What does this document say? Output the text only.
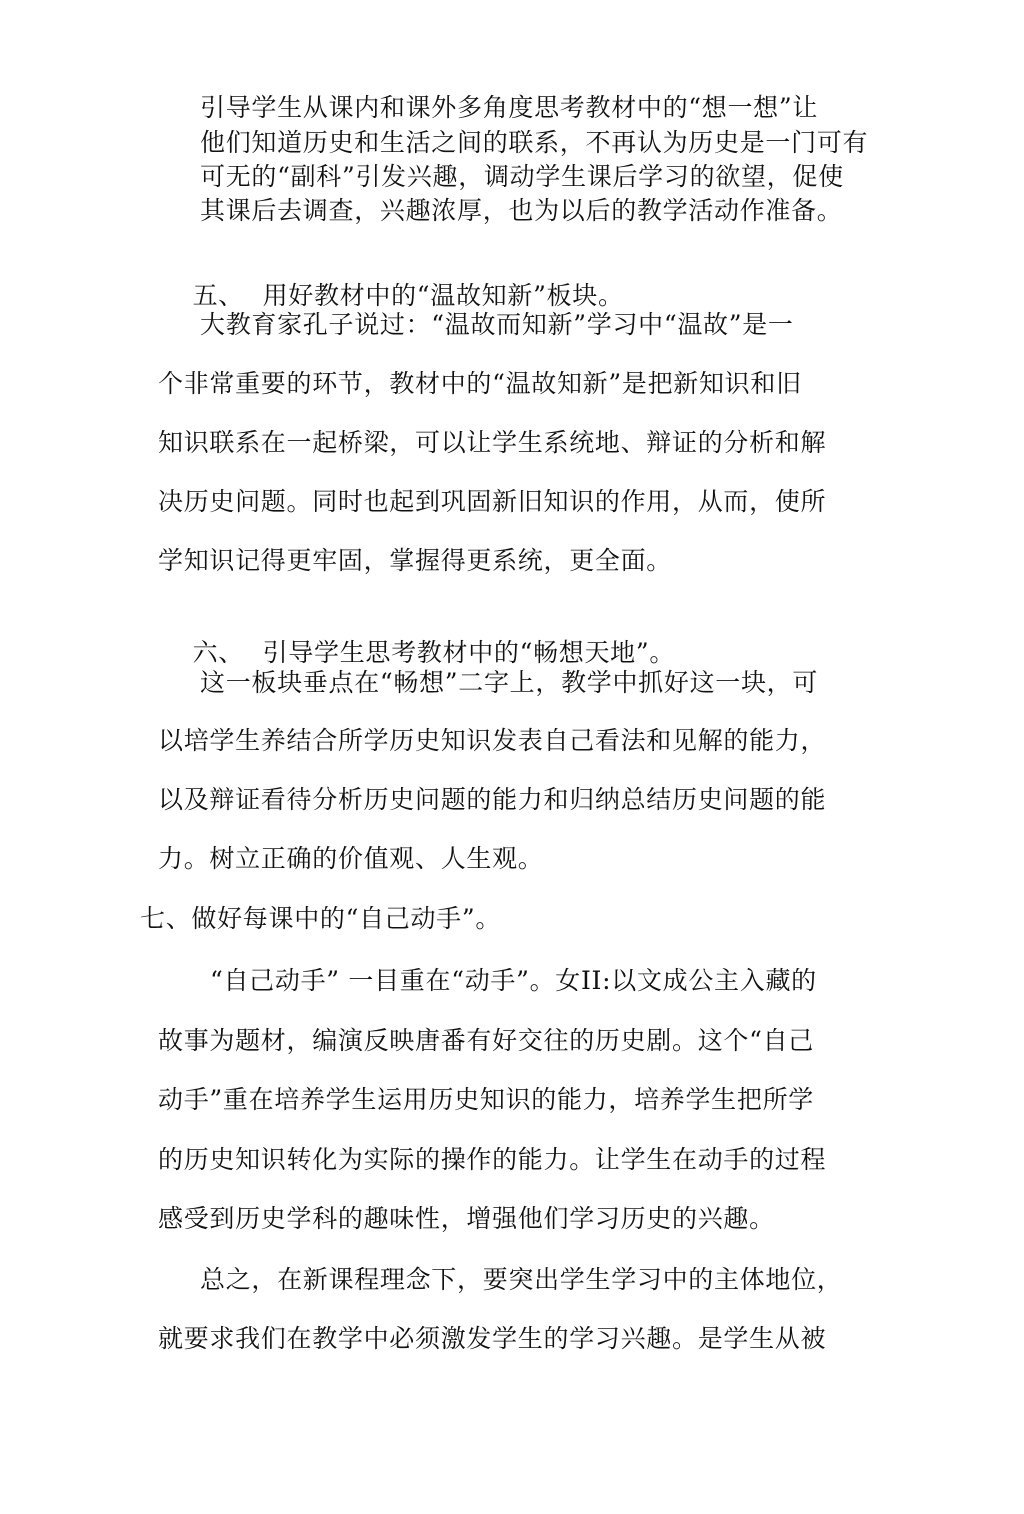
引导学生从课内和课外多角度思考教材中的“想一想”让

他们知道历史和生活之间的联系，不再认为历史是一门可有

可无的“副科”引发兴趣，调动学生课后学习的欲望，促使

其课后去调查，兴趣浓厚，也为以后的教学活动作准备。

五、 用好教材中的“温故知新”板块。

大教育家孔子说过：“温故而知新”学习中“温故”是一

个非常重要的环节，教材中的“温故知新”是把新知识和旧

知识联系在一起桥梁，可以让学生系统地、辩证的分析和解

决历史问题。同时也起到巩固新旧知识的作用，从而，使所

学知识记得更牢固，掌握得更系统，更全面。

六、 引导学生思考教材中的“畅想天地”。

这一板块垂点在“畅想”二字上，教学中抓好这一块，可

以培学生养结合所学历史知识发表自己看法和见解的能力，

以及辩证看待分析历史问题的能力和归纳总结历史问题的能

力。树立正确的价值观、人生观。

七、做好每课中的“自己动手”。

“自己动手” 一目重在“动手”。女II:以文成公主入藏的

故事为题材，编演反映唐番有好交往的历史剧。这个“自己

动手”重在培养学生运用历史知识的能力，培养学生把所学

的历史知识转化为实际的操作的能力。让学生在动手的过程

感受到历史学科的趣味性，增强他们学习历史的兴趣。

总之，在新课程理念下，要突出学生学习中的主体地位，

就要求我们在教学中必须激发学生的学习兴趣。是学生从被
